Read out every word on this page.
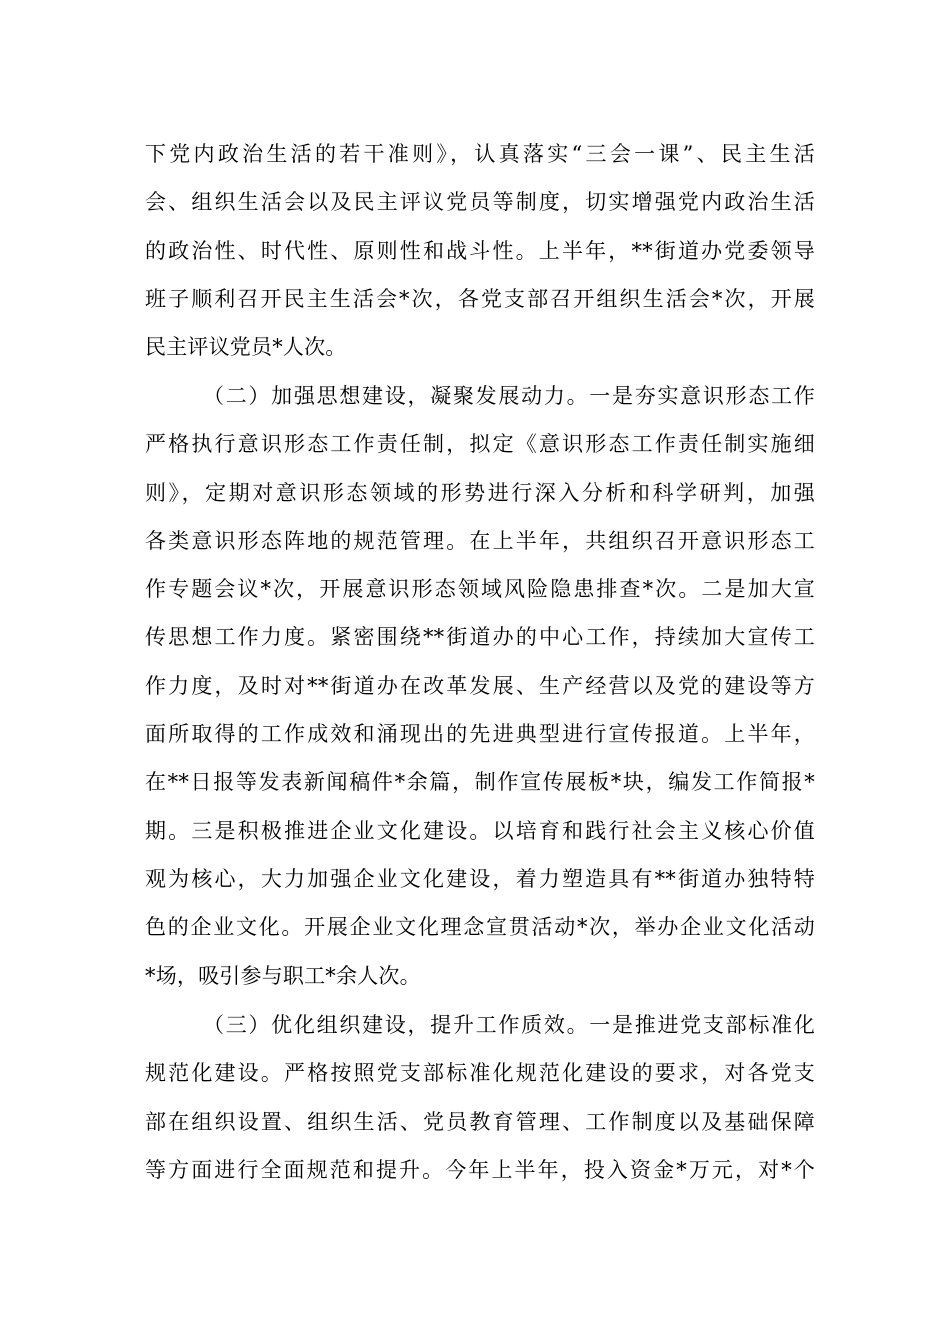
下党内政治生活的若干准则》，认真落实“三会一课”、民主生活
会、组织生活会以及民主评议党员等制度，切实增强党内政治生活
的政治性、时代性、原则性和战斗性。上半年，**街道办党委领导
班子顺利召开民主生活会*次，各党支部召开组织生活会*次，开展
民主评议党员*人次。
（二）加强思想建设，凝聚发展动力。一是夯实意识形态工作
严格执行意识形态工作责任制，拟定《意识形态工作责任制实施细
则》，定期对意识形态领域的形势进行深入分析和科学研判，加强
各类意识形态阵地的规范管理。在上半年，共组织召开意识形态工
作专题会议*次，开展意识形态领域风险隐患排查*次。二是加大宣
传思想工作力度。紧密围绕**街道办的中心工作，持续加大宣传工
作力度，及时对**街道办在改革发展、生产经营以及党的建设等方
面所取得的工作成效和涌现出的先进典型进行宣传报道。上半年，
在**日报等发表新闻稿件*余篇，制作宣传展板*块，编发工作简报*
期。三是积极推进企业文化建设。以培育和践行社会主义核心价值
观为核心，大力加强企业文化建设，着力塑造具有**街道办独特特
色的企业文化。开展企业文化理念宣贯活动*次，举办企业文化活动
*场，吸引参与职工*余人次。
（三）优化组织建设，提升工作质效。一是推进党支部标准化
规范化建设。严格按照党支部标准化规范化建设的要求，对各党支
部在组织设置、组织生活、党员教育管理、工作制度以及基础保障
等方面进行全面规范和提升。今年上半年，投入资金*万元，对*个
